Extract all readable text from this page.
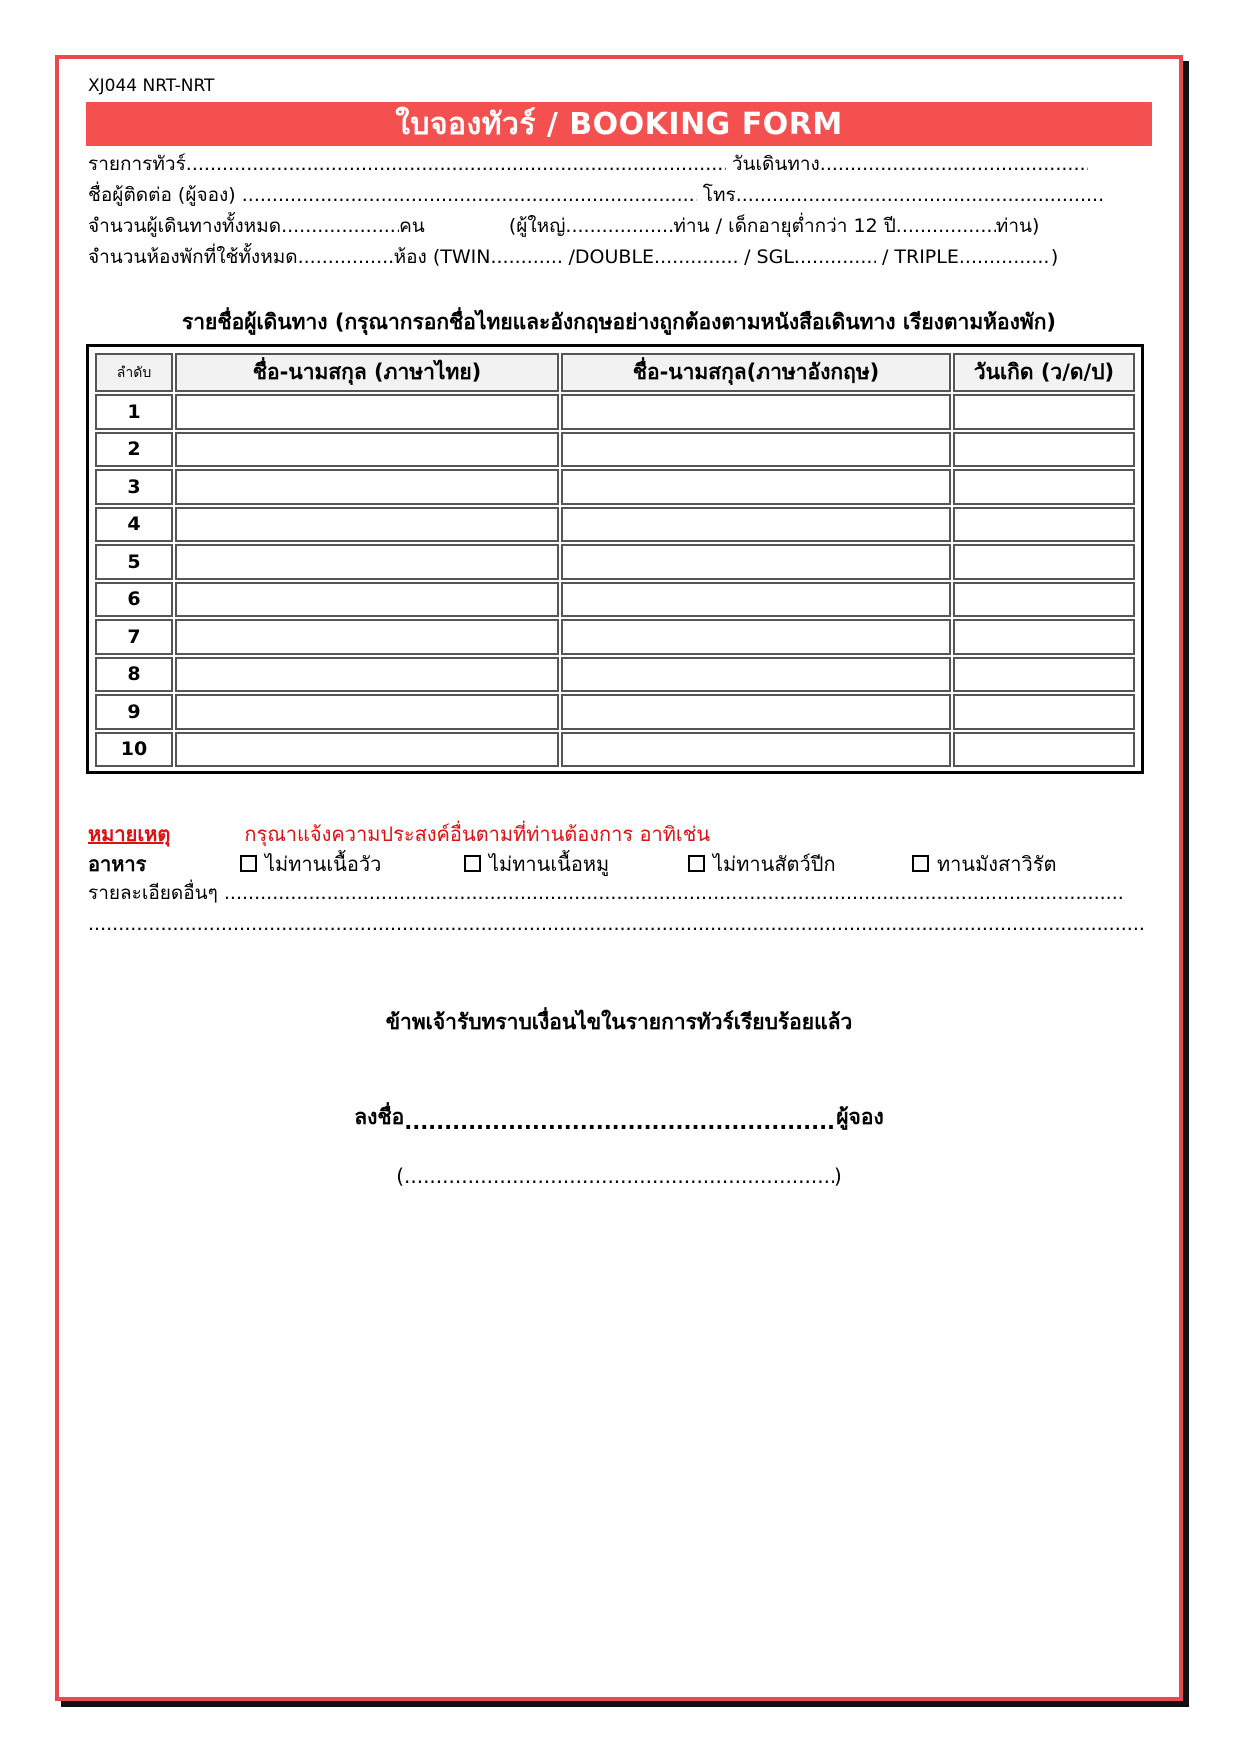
XJ044 NRT-NRT
ใบจองทัวร์ / BOOKING FORM
รายการทัวร์ .....	วันเดินทาง.....
ชื่อผู้ติดต่อ (ผู้จอง) .....	โทร.....
จำนวนผู้เดินทางทั้งหมด .....	คน	(ผู้ใหญ่ .....	ท่าน / เด็กอายุต่ำกว่า 12 ปี .....	ท่าน)
จำนวนห้องพักที่ใช้ทั้งหมด .....	ห้อง (TWIN .....	/DOUBLE .....	/ SGL .....	/ TRIPLE .....	)
รายชื่อผู้เดินทาง (กรุณากรอกชื่อไทยและอังกฤษอย่างถูกต้องตามหนังสือเดินทาง เรียงตามห้องพัก)
ลำดับ	ชื่อ-นามสกุล (ภาษาไทย)	ชื่อ-นามสกุล(ภาษาอังกฤษ)	วันเกิด (ว/ด/ป)
1			
2			
3			
4			
5			
6			
7			
8			
9			
10			
หมายเหตุ	กรุณาแจ้งความประสงค์อื่นตามที่ท่านต้องการ อาทิเช่น
อาหาร	ไม่ทานเนื้อวัว	ไม่ทานเนื้อหมู	ไม่ทานสัตว์ปีก	ทานมังสาวิรัต
รายละเอียดอื่นๆ .....
.....
ข้าพเจ้ารับทราบเงื่อนไขในรายการทัวร์เรียบร้อยแล้ว
ลงชื่อ .....	ผู้จอง
( .....	)
